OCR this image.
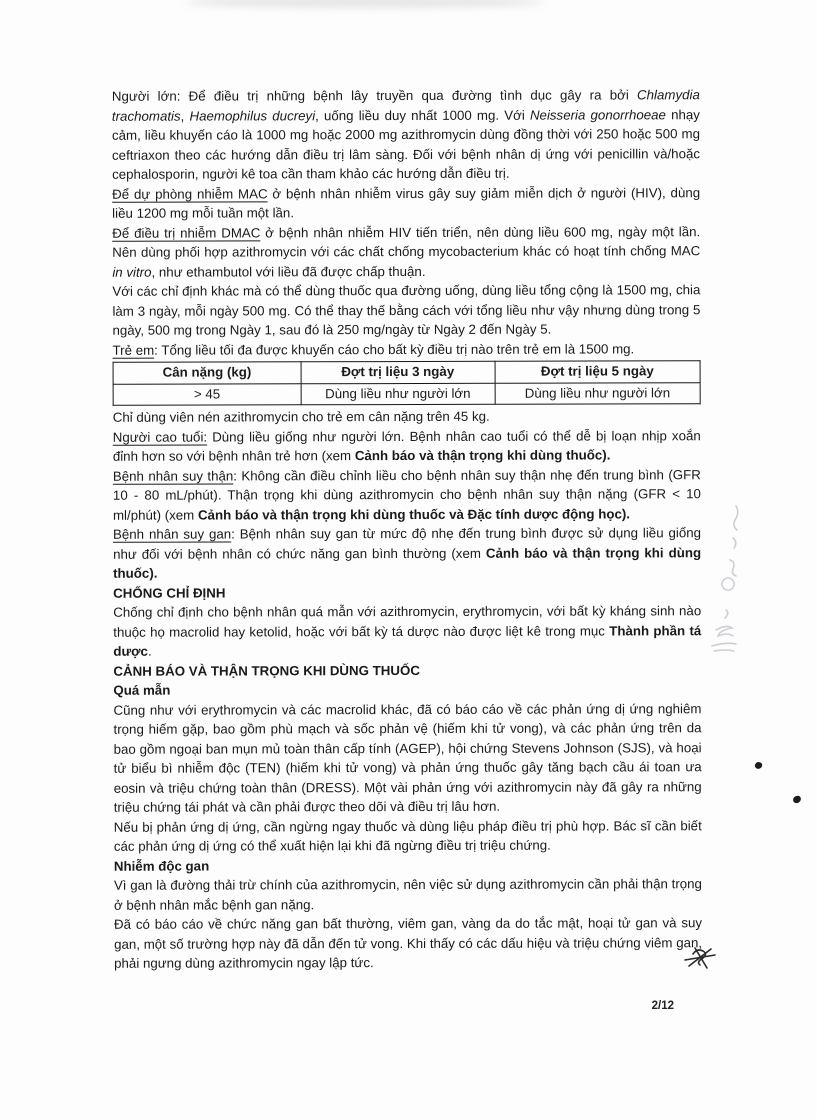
Người lớn: Để điều trị những bệnh lây truyền qua đường tình dục gây ra bởi Chlamydia trachomatis, Haemophilus ducreyi, uống liều duy nhất 1000 mg. Với Neisseria gonorrhoeae nhạy cảm, liều khuyến cáo là 1000 mg hoặc 2000 mg azithromycin dùng đồng thời với 250 hoặc 500 mg ceftriaxon theo các hướng dẫn điều trị lâm sàng. Đối với bệnh nhân dị ứng với penicillin và/hoặc cephalosporin, người kê toa cần tham khảo các hướng dẫn điều trị.

Để dự phòng nhiễm MAC ở bệnh nhân nhiễm virus gây suy giảm miễn dịch ở người (HIV), dùng liều 1200 mg mỗi tuần một lần.

Để điều trị nhiễm DMAC ở bệnh nhân nhiễm HIV tiến triển, nên dùng liều 600 mg, ngày một lần. Nên dùng phối hợp azithromycin với các chất chống mycobacterium khác có hoạt tính chống MAC in vitro, như ethambutol với liều đã được chấp thuận.

Với các chỉ định khác mà có thể dùng thuốc qua đường uống, dùng liều tổng cộng là 1500 mg, chia làm 3 ngày, mỗi ngày 500 mg. Có thể thay thế bằng cách với tổng liều như vậy nhưng dùng trong 5 ngày, 500 mg trong Ngày 1, sau đó là 250 mg/ngày từ Ngày 2 đến Ngày 5.

Trẻ em: Tổng liều tối đa được khuyến cáo cho bất kỳ điều trị nào trên trẻ em là 1500 mg.

Cân nặng (kg)	Đợt trị liệu 3 ngày	Đợt trị liệu 5 ngày
> 45	Dùng liều như người lớn	Dùng liều như người lớn

Chỉ dùng viên nén azithromycin cho trẻ em cân nặng trên 45 kg.

Người cao tuổi: Dùng liều giống như người lớn. Bệnh nhân cao tuổi có thể dễ bị loạn nhịp xoắn đỉnh hơn so với bệnh nhân trẻ hơn (xem Cảnh báo và thận trọng khi dùng thuốc).

Bệnh nhân suy thận: Không cần điều chỉnh liều cho bệnh nhân suy thận nhẹ đến trung bình (GFR 10 - 80 mL/phút). Thận trọng khi dùng azithromycin cho bệnh nhân suy thận nặng (GFR < 10 ml/phút) (xem Cảnh báo và thận trọng khi dùng thuốc và Đặc tính dược động học).

Bệnh nhân suy gan: Bệnh nhân suy gan từ mức độ nhẹ đến trung bình được sử dụng liều giống như đối với bệnh nhân có chức năng gan bình thường (xem Cảnh báo và thận trọng khi dùng thuốc).

CHỐNG CHỈ ĐỊNH

Chống chỉ định cho bệnh nhân quá mẫn với azithromycin, erythromycin, với bất kỳ kháng sinh nào thuộc họ macrolid hay ketolid, hoặc với bất kỳ tá dược nào được liệt kê trong mục Thành phần tá dược.

CẢNH BÁO VÀ THẬN TRỌNG KHI DÙNG THUỐC

Quá mẫn

Cũng như với erythromycin và các macrolid khác, đã có báo cáo về các phản ứng dị ứng nghiêm trọng hiếm gặp, bao gồm phù mạch và sốc phản vệ (hiếm khi tử vong), và các phản ứng trên da bao gồm ngoại ban mụn mủ toàn thân cấp tính (AGEP), hội chứng Stevens Johnson (SJS), và hoại tử biểu bì nhiễm độc (TEN) (hiếm khi tử vong) và phản ứng thuốc gây tăng bạch cầu ái toan ưa eosin và triệu chứng toàn thân (DRESS). Một vài phản ứng với azithromycin này đã gây ra những triệu chứng tái phát và cần phải được theo dõi và điều trị lâu hơn.

Nếu bị phản ứng dị ứng, cần ngừng ngay thuốc và dùng liệu pháp điều trị phù hợp. Bác sĩ cần biết các phản ứng dị ứng có thể xuất hiện lại khi đã ngừng điều trị triệu chứng.

Nhiễm độc gan

Vì gan là đường thải trừ chính của azithromycin, nên việc sử dụng azithromycin cần phải thận trọng ở bệnh nhân mắc bệnh gan nặng.

Đã có báo cáo về chức năng gan bất thường, viêm gan, vàng da do tắc mật, hoại tử gan và suy gan, một số trường hợp này đã dẫn đến tử vong. Khi thấy có các dấu hiệu và triệu chứng viêm gan, phải ngưng dùng azithromycin ngay lập tức.

2/12
